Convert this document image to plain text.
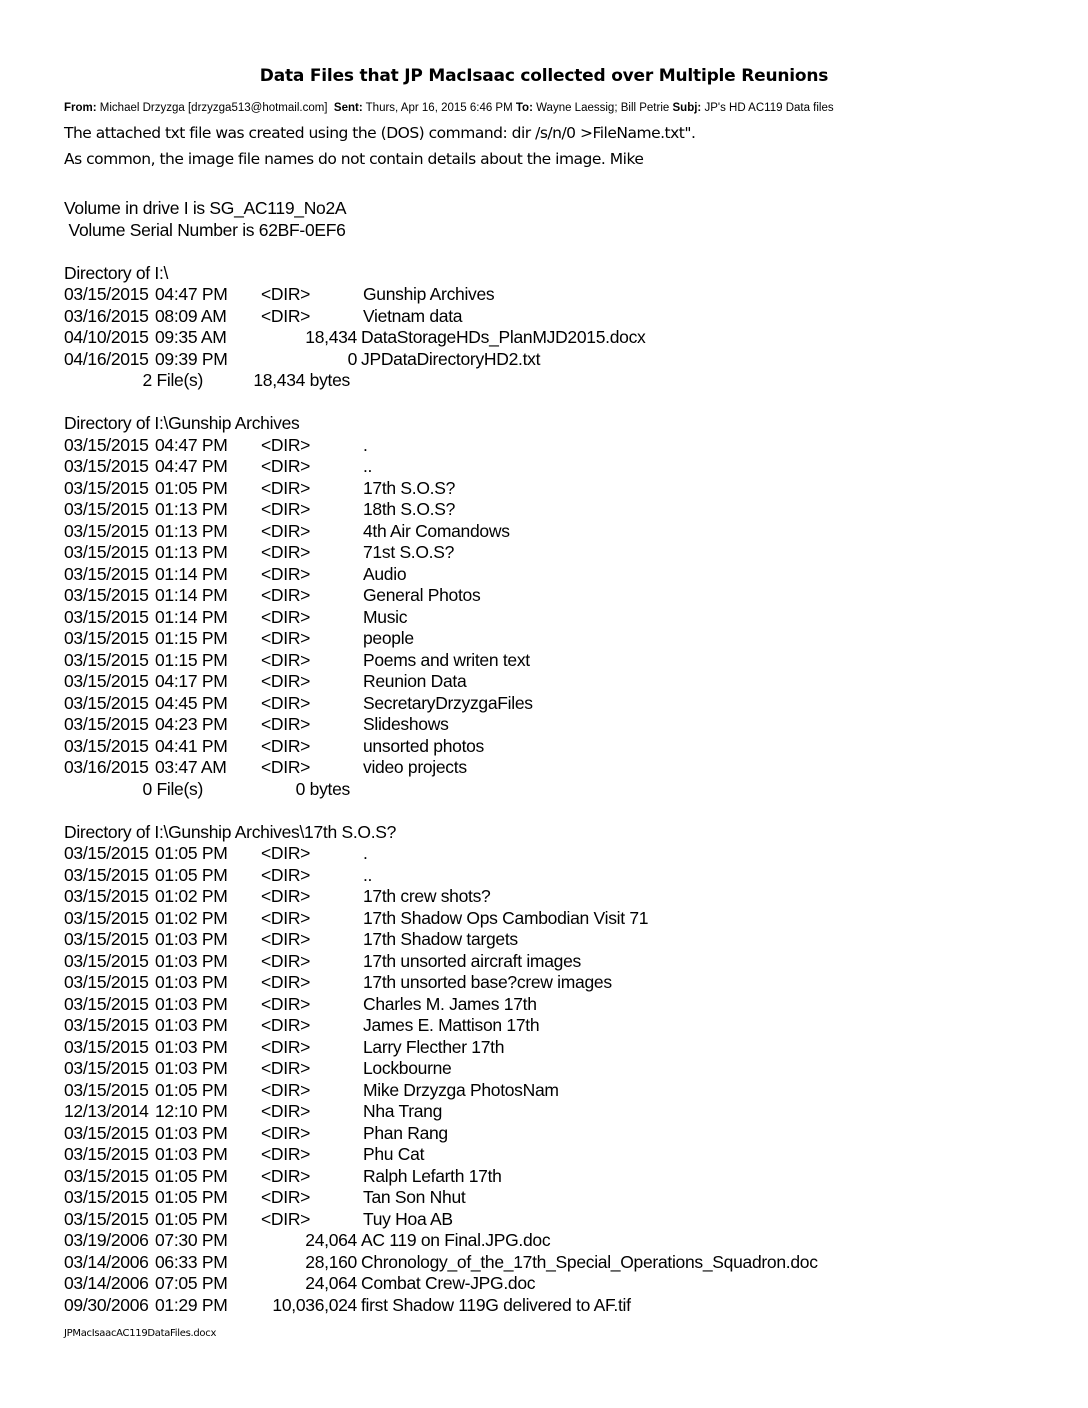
Data Files that JP MacIsaac collected over Multiple Reunions
From: Michael Drzyzga [drzyzga513@hotmail.com] Sent: Thurs, Apr 16, 2015 6:46 PM To: Wayne Laessig; Bill Petrie Subj: JP's HD AC119 Data files
The attached txt file was created using the (DOS) command: dir /s/n/0 >FileName.txt".
As common, the image file names do not contain details about the image. Mike
Volume in drive I is SG_AC119_No2A
Volume Serial Number is 62BF-0EF6
Directory of I:\
03/15/2015 04:47 PM <DIR>	Gunship Archives
03/16/2015 08:09 AM <DIR>	Vietnam data
04/10/2015 09:35 AM	18,434 DataStorageHDs_PlanMJD2015.docx
04/16/2015 09:39 PM	0 JPDataDirectoryHD2.txt
2 File(s)	18,434 bytes
Directory of I:\Gunship Archives
03/15/2015 04:47 PM <DIR>	.
03/15/2015 04:47 PM <DIR>	..
03/15/2015 01:05 PM <DIR>	17th S.O.S?
03/15/2015 01:13 PM <DIR>	18th S.O.S?
03/15/2015 01:13 PM <DIR>	4th Air Comandows
03/15/2015 01:13 PM <DIR>	71st S.O.S?
03/15/2015 01:14 PM <DIR>	Audio
03/15/2015 01:14 PM <DIR>	General Photos
03/15/2015 01:14 PM <DIR>	Music
03/15/2015 01:15 PM <DIR>	people
03/15/2015 01:15 PM <DIR>	Poems and writen text
03/15/2015 04:17 PM <DIR>	Reunion Data
03/15/2015 04:45 PM <DIR>	SecretaryDrzyzgaFiles
03/15/2015 04:23 PM <DIR>	Slideshows
03/15/2015 04:41 PM <DIR>	unsorted photos
03/16/2015 03:47 AM <DIR>	video projects
0 File(s)	0 bytes
Directory of I:\Gunship Archives\17th S.O.S?
03/15/2015 01:05 PM <DIR>	.
03/15/2015 01:05 PM <DIR>	..
03/15/2015 01:02 PM <DIR>	17th crew shots?
03/15/2015 01:02 PM <DIR>	17th Shadow Ops Cambodian Visit 71
03/15/2015 01:03 PM <DIR>	17th Shadow targets
03/15/2015 01:03 PM <DIR>	17th unsorted aircraft images
03/15/2015 01:03 PM <DIR>	17th unsorted base?crew images
03/15/2015 01:03 PM <DIR>	Charles M. James 17th
03/15/2015 01:03 PM <DIR>	James E. Mattison 17th
03/15/2015 01:03 PM <DIR>	Larry Flecther 17th
03/15/2015 01:03 PM <DIR>	Lockbourne
03/15/2015 01:05 PM <DIR>	Mike Drzyzga PhotosNam
12/13/2014 12:10 PM <DIR>	Nha Trang
03/15/2015 01:03 PM <DIR>	Phan Rang
03/15/2015 01:03 PM <DIR>	Phu Cat
03/15/2015 01:05 PM <DIR>	Ralph Lefarth 17th
03/15/2015 01:05 PM <DIR>	Tan Son Nhut
03/15/2015 01:05 PM <DIR>	Tuy Hoa AB
03/19/2006 07:30 PM	24,064 AC 119 on Final.JPG.doc
03/14/2006 06:33 PM	28,160 Chronology_of_the_17th_Special_Operations_Squadron.doc
03/14/2006 07:05 PM	24,064 Combat Crew-JPG.doc
09/30/2006 01:29 PM	10,036,024 first Shadow 119G delivered to AF.tif
JPMacIsaacAC119DataFiles.docx
